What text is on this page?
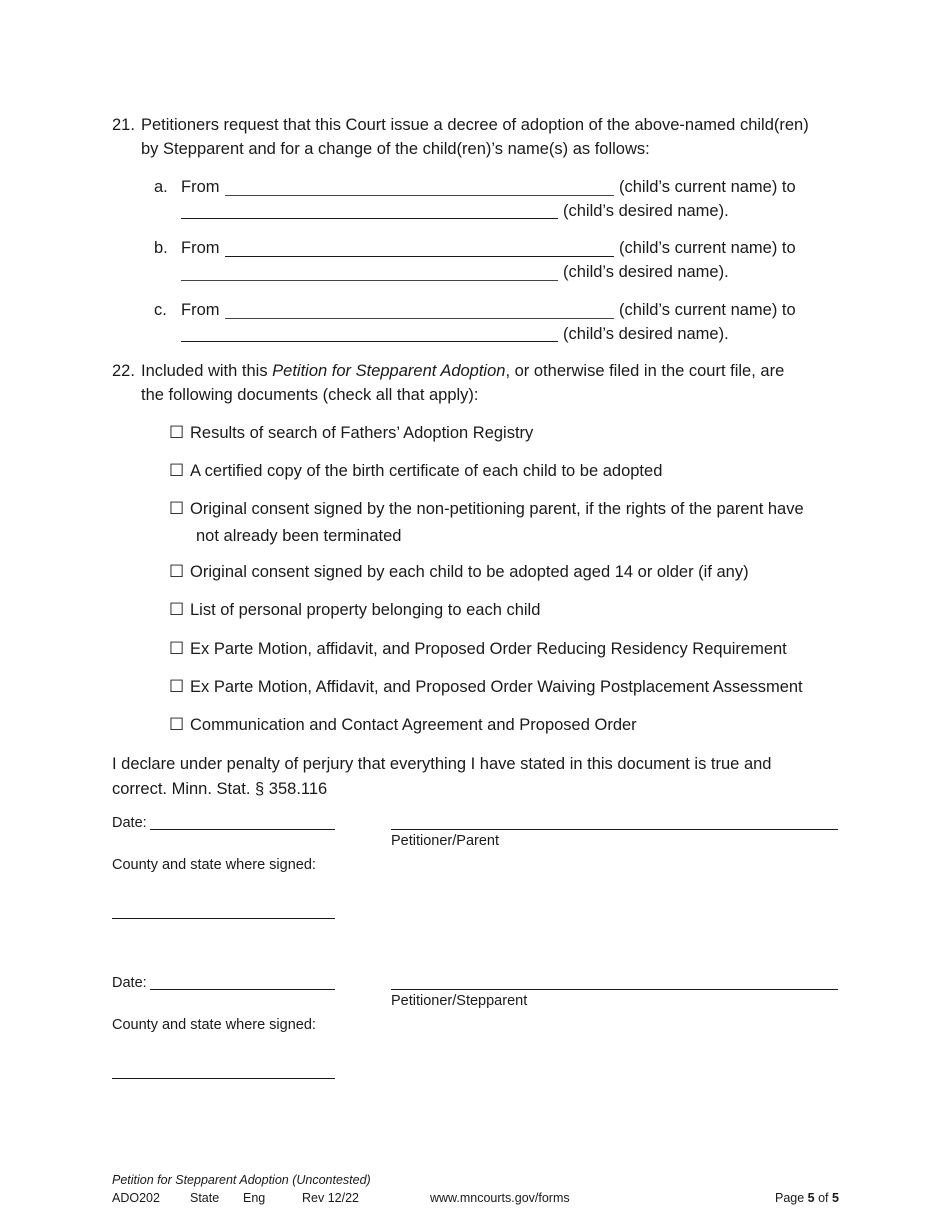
21. Petitioners request that this Court issue a decree of adoption of the above-named child(ren)
by Stepparent and for a change of the child(ren)’s name(s) as follows:
a. From	(child’s current name) to
(child’s desired name).
b. From	(child’s current name) to
(child’s desired name).
c. From	(child’s current name) to
(child’s desired name).
22. Included with this Petition for Stepparent Adoption, or otherwise filed in the court file, are
the following documents (check all that apply):
☐ Results of search of Fathers’ Adoption Registry
☐ A certified copy of the birth certificate of each child to be adopted
☐ Original consent signed by the non-petitioning parent, if the rights of the parent have
not already been terminated
☐ Original consent signed by each child to be adopted aged 14 or older (if any)
☐ List of personal property belonging to each child
☐ Ex Parte Motion, affidavit, and Proposed Order Reducing Residency Requirement
☐ Ex Parte Motion, Affidavit, and Proposed Order Waiving Postplacement Assessment
☐ Communication and Contact Agreement and Proposed Order
I declare under penalty of perjury that everything I have stated in this document is true and
correct. Minn. Stat. § 358.116
Date:
Petitioner/Parent
County and state where signed:
Date:
Petitioner/Stepparent
County and state where signed:
Petition for Stepparent Adoption (Uncontested)
ADO202 State Eng	Rev 12/22	www.mncourts.gov/forms	Page 5 of 5
